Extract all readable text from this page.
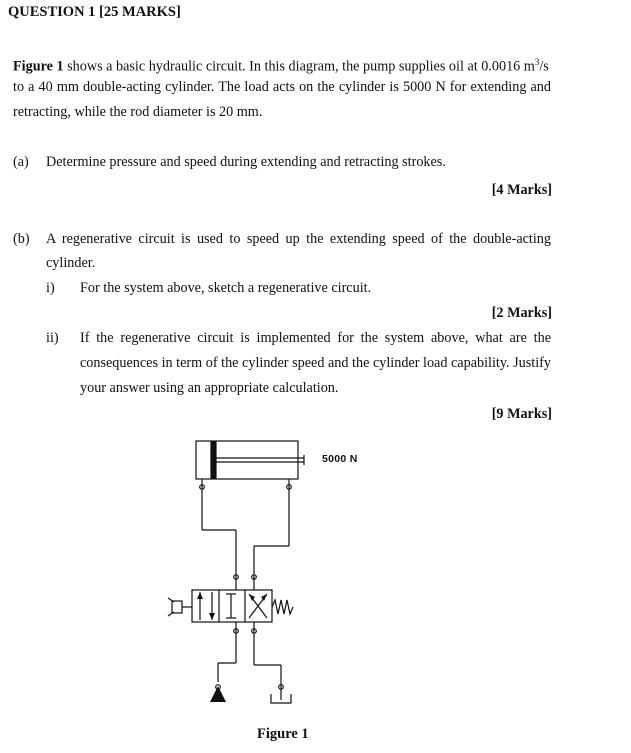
QUESTION 1 [25 MARKS]
Figure 1 shows a basic hydraulic circuit. In this diagram, the pump supplies oil at 0.0016 $m^3/s$
to a 40 mm double-acting cylinder. The load acts on the cylinder is 5000 N for extending and
retracting, while the rod diameter is 20 mm.
(a) Determine pressure and speed during extending and retracting strokes.
[4 Marks]
(b) A regenerative circuit is used to speed up the extending speed of the double-acting
cylinder.
i) For the system above, sketch a regenerative circuit.
[2 Marks]
ii) If the regenerative circuit is implemented for the system above, what are the
consequences in term of the cylinder speed and the cylinder load capability. Justify
your answer using an appropriate calculation.
[9 Marks]
5000 N
Figure 1
